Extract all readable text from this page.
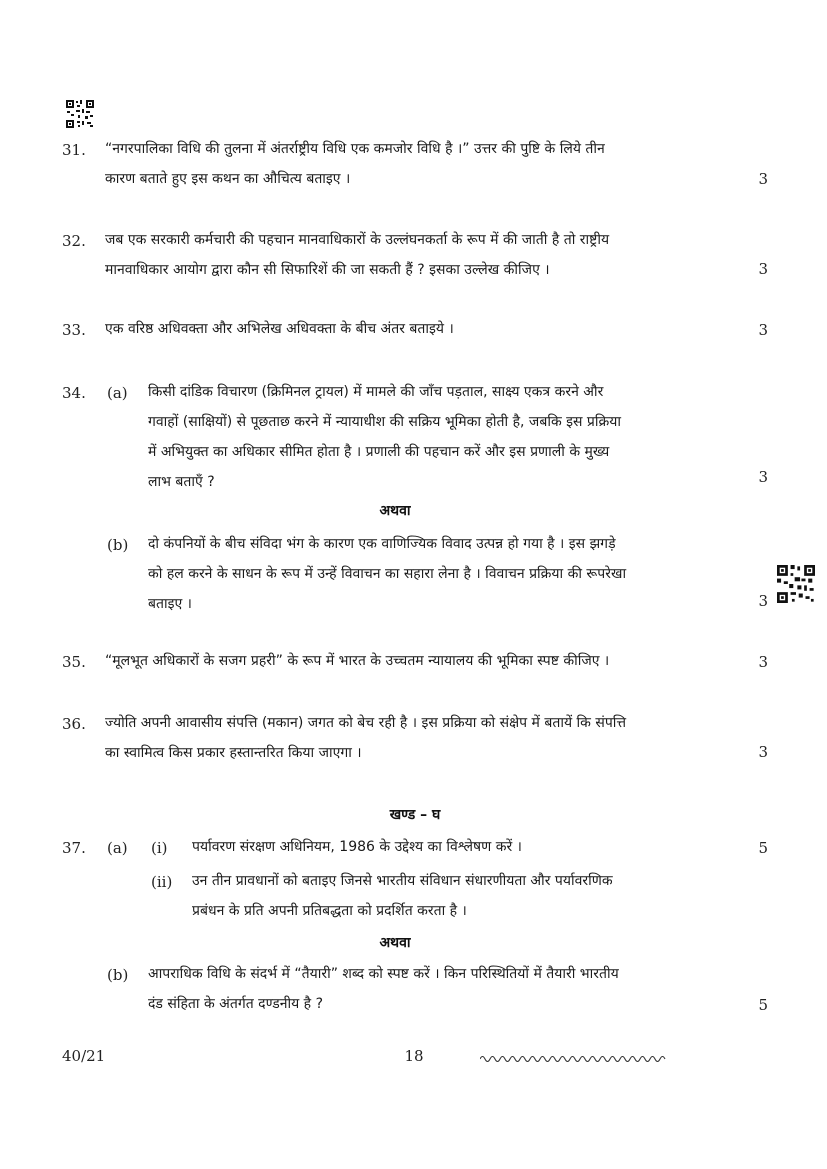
31. “नगरपालिका विधि की तुलना में अंतर्राष्ट्रीय विधि एक कमजोर विधि है ।” उत्तर की पुष्टि के लिये तीन
कारण बताते हुए इस कथन का औचित्य बताइए ।	3
32. जब एक सरकारी कर्मचारी की पहचान मानवाधिकारों के उल्लंघनकर्ता के रूप में की जाती है तो राष्ट्रीय
मानवाधिकार आयोग द्वारा कौन सी सिफारिशें की जा सकती हैं ? इसका उल्लेख कीजिए ।	3
33. एक वरिष्ठ अधिवक्ता और अभिलेख अधिवक्ता के बीच अंतर बताइये ।	3
34. (a) किसी दांडिक विचारण (क्रिमिनल ट्रायल) में मामले की जाँच पड़ताल, साक्ष्य एकत्र करने और
गवाहों (साक्षियों) से पूछताछ करने में न्यायाधीश की सक्रिय भूमिका होती है, जबकि इस प्रक्रिया
में अभियुक्त का अधिकार सीमित होता है । प्रणाली की पहचान करें और इस प्रणाली के मुख्य
लाभ बताएँ ?	3
अथवा
(b) दो कंपनियों के बीच संविदा भंग के कारण एक वाणिज्यिक विवाद उत्पन्न हो गया है । इस झगड़े
को हल करने के साधन के रूप में उन्हें विवाचन का सहारा लेना है । विवाचन प्रक्रिया की रूपरेखा
बताइए ।	3
35. “मूलभूत अधिकारों के सजग प्रहरी” के रूप में भारत के उच्चतम न्यायालय की भूमिका स्पष्ट कीजिए ।	3
36. ज्योति अपनी आवासीय संपत्ति (मकान) जगत को बेच रही है । इस प्रक्रिया को संक्षेप में बतायें कि संपत्ति
का स्वामित्व किस प्रकार हस्तान्तरित किया जाएगा ।	3
खण्ड – घ
37. (a) (i) पर्यावरण संरक्षण अधिनियम, 1986 के उद्देश्य का विश्लेषण करें ।	5
(ii) उन तीन प्रावधानों को बताइए जिनसे भारतीय संविधान संधारणीयता और पर्यावरणिक
प्रबंधन के प्रति अपनी प्रतिबद्धता को प्रदर्शित करता है ।
अथवा
(b) आपराधिक विधि के संदर्भ में “तैयारी” शब्द को स्पष्ट करें । किन परिस्थितियों में तैयारी भारतीय
दंड संहिता के अंतर्गत दण्डनीय है ?	5
40/21	18
